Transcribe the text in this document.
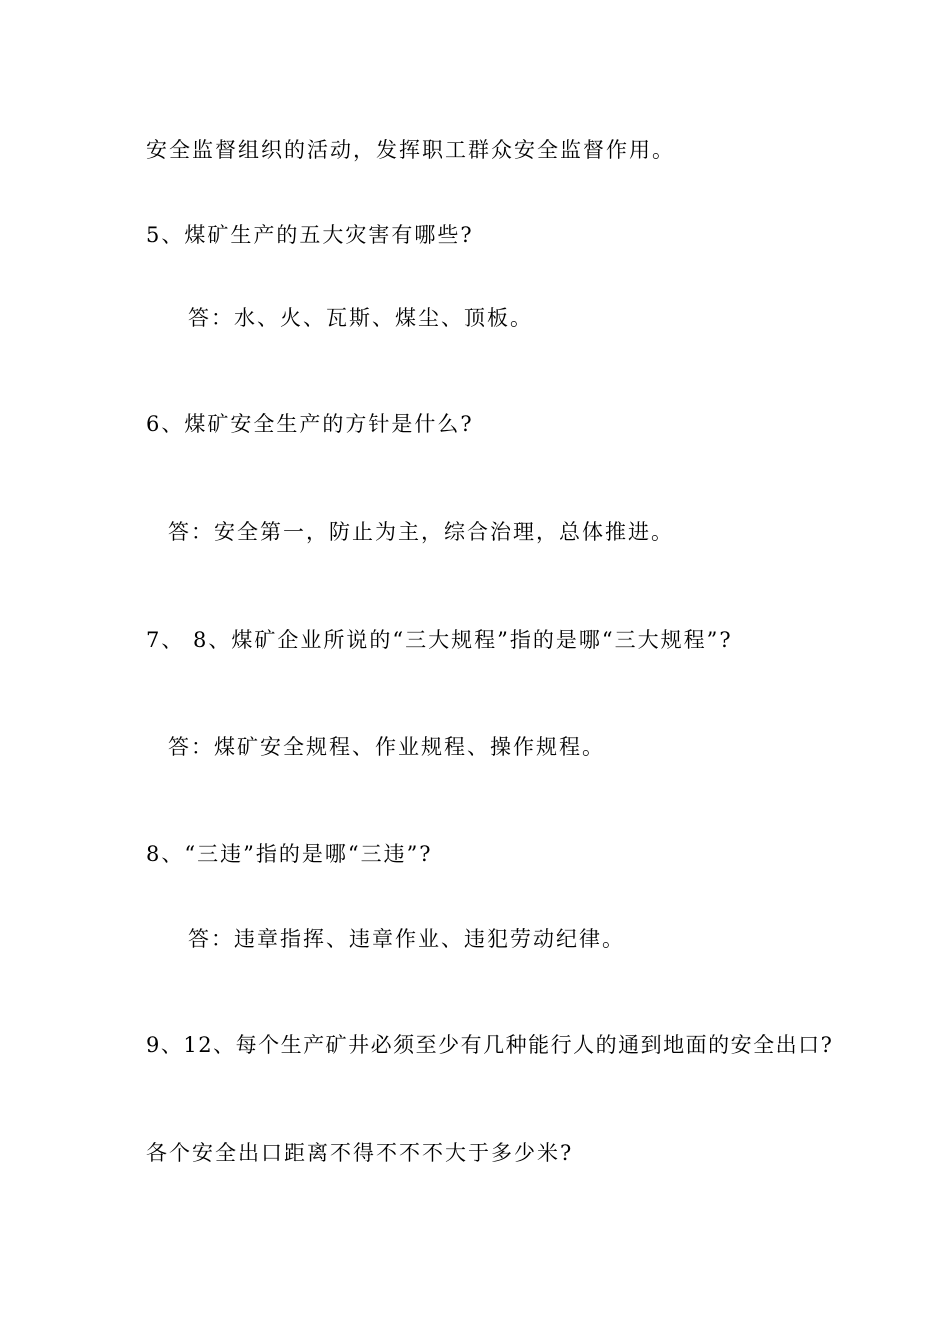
安全监督组织的活动，发挥职工群众安全监督作用。
5、煤矿生产的五大灾害有哪些?
答：水、火、瓦斯、煤尘、顶板。
6、煤矿安全生产的方针是什么?
答：安全第一，防止为主，综合治理，总体推进。
7、 8、煤矿企业所说的“三大规程”指的是哪“三大规程”?
答：煤矿安全规程、作业规程、操作规程。
8、“三违”指的是哪“三违”?
答：违章指挥、违章作业、违犯劳动纪律。
9、12、每个生产矿井必须至少有几种能行人的通到地面的安全出口?
各个安全出口距离不得不不不大于多少米?
